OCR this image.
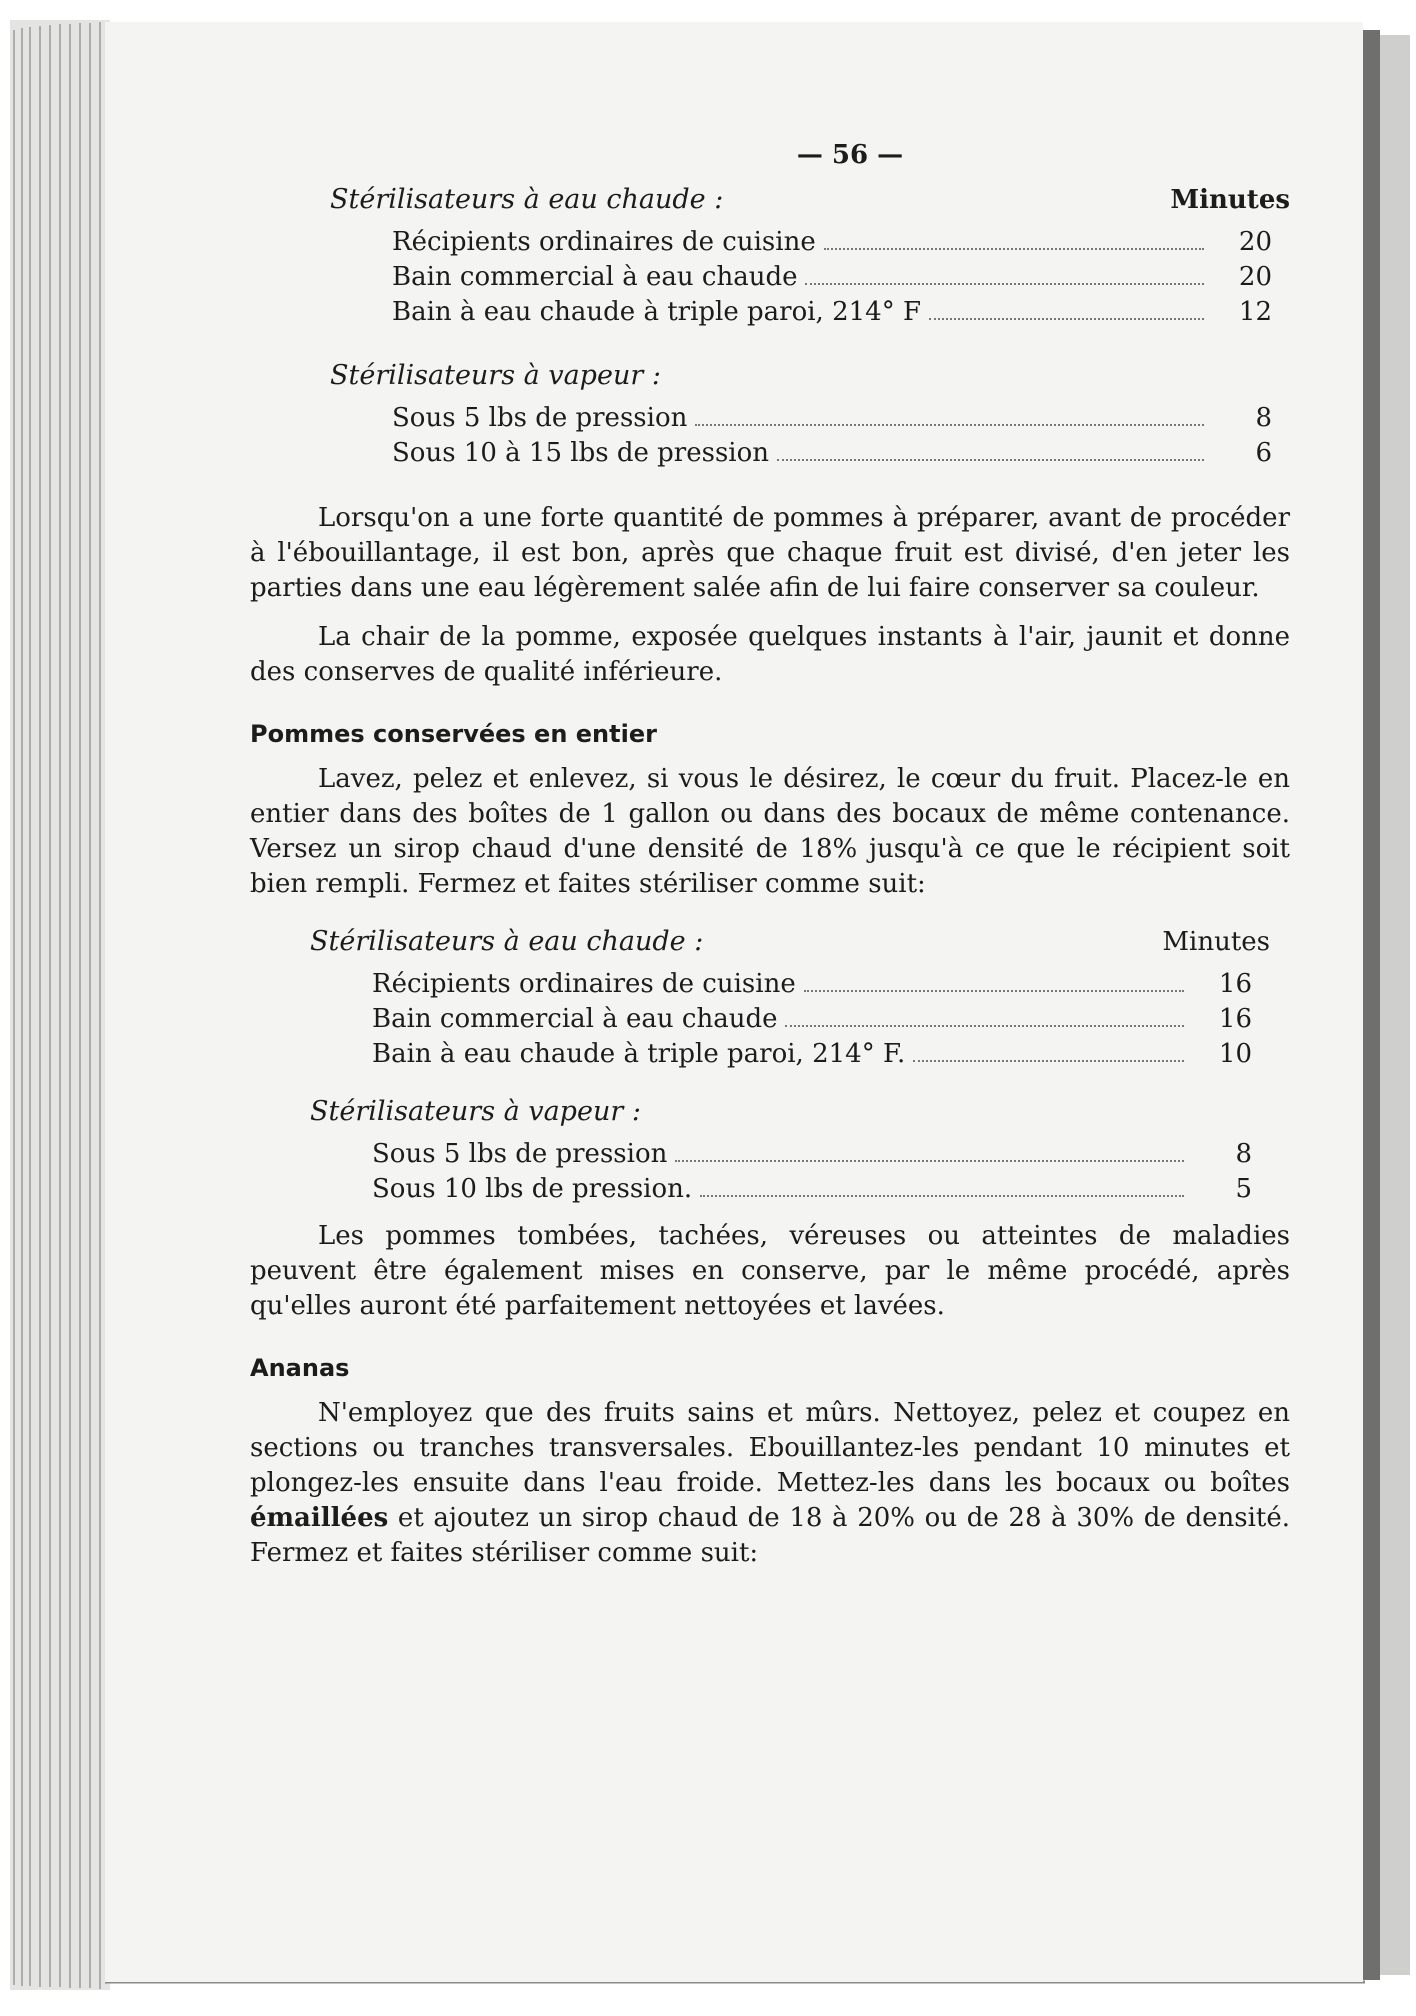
— 56 —
Stérilisateurs à eau chaude :	Minutes
Récipients ordinaires de cuisine	20
Bain commercial à eau chaude	20
Bain à eau chaude à triple paroi, 214° F	12
Stérilisateurs à vapeur :
Sous 5 lbs de pression	8
Sous 10 à 15 lbs de pression	6

Lorsqu'on a une forte quantité de pommes à préparer, avant de procéder à l'ébouillantage, il est bon, après que chaque fruit est divisé, d'en jeter les parties dans une eau légèrement salée afin de lui faire conserver sa couleur.

La chair de la pomme, exposée quelques instants à l'air, jaunit et donne des conserves de qualité inférieure.

Pommes conservées en entier

Lavez, pelez et enlevez, si vous le désirez, le cœur du fruit. Placez-le en entier dans des boîtes de 1 gallon ou dans des bocaux de même contenance. Versez un sirop chaud d'une densité de 18% jusqu'à ce que le récipient soit bien rempli. Fermez et faites stériliser comme suit:

Stérilisateurs à eau chaude :	Minutes
Récipients ordinaires de cuisine	16
Bain commercial à eau chaude	16
Bain à eau chaude à triple paroi, 214° F.	10
Stérilisateurs à vapeur :
Sous 5 lbs de pression	8
Sous 10 lbs de pression.	5

Les pommes tombées, tachées, véreuses ou atteintes de maladies peuvent être également mises en conserve, par le même procédé, après qu'elles auront été parfaitement nettoyées et lavées.

Ananas

N'employez que des fruits sains et mûrs. Nettoyez, pelez et coupez en sections ou tranches transversales. Ebouillantez-les pendant 10 minutes et plongez-les ensuite dans l'eau froide. Mettez-les dans les bocaux ou boîtes émaillées et ajoutez un sirop chaud de 18 à 20% ou de 28 à 30% de densité. Fermez et faites stériliser comme suit:
